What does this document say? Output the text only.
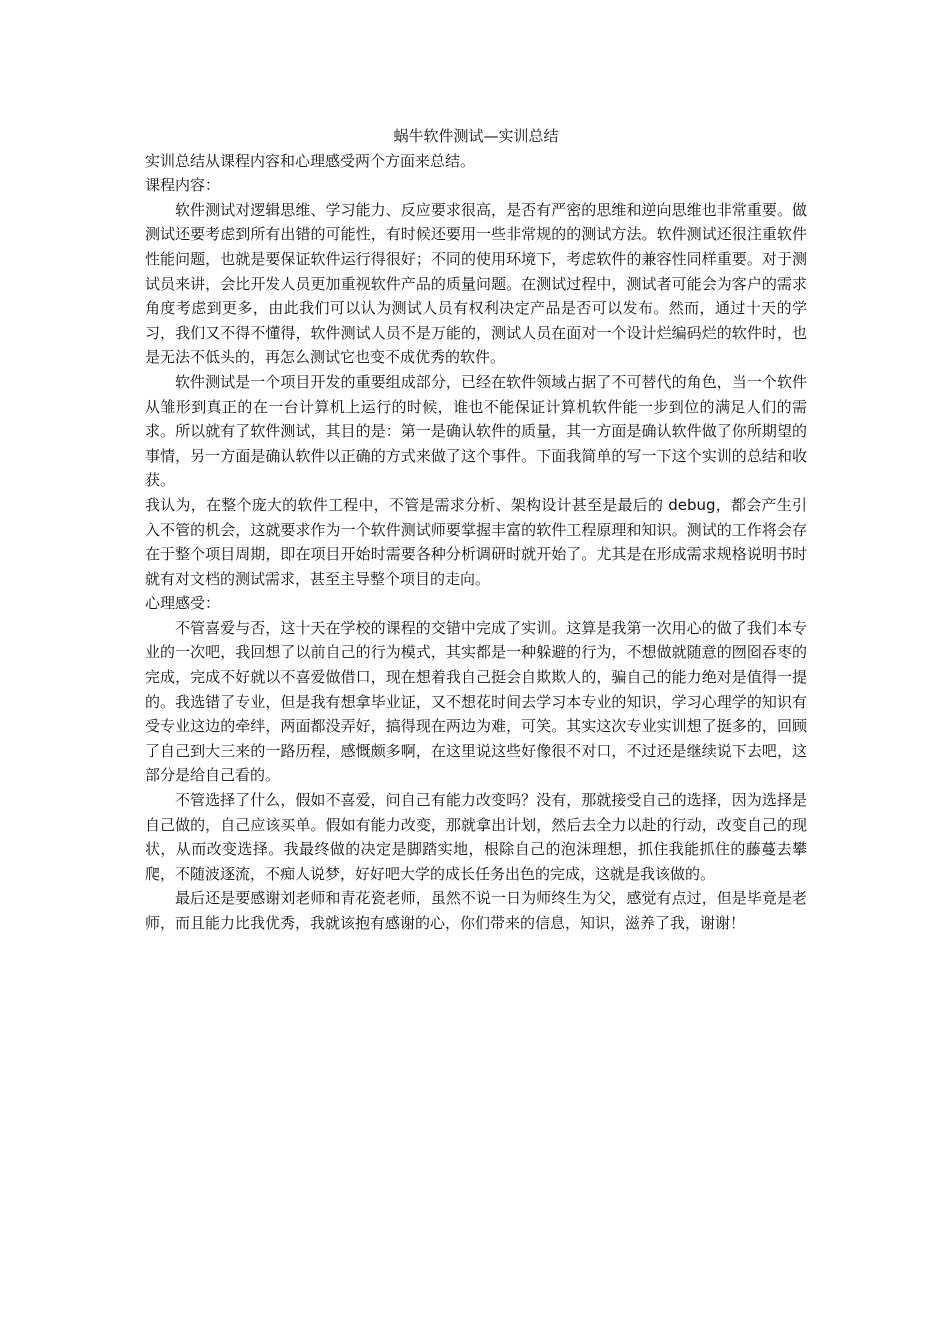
蜗牛软件测试—实训总结

实训总结从课程内容和心理感受两个方面来总结。

课程内容：

软件测试对逻辑思维、学习能力、反应要求很高，是否有严密的思维和逆向思维也非常重要。做测试还要考虑到所有出错的可能性，有时候还要用一些非常规的的测试方法。软件测试还很注重软件性能问题，也就是要保证软件运行得很好；不同的使用环境下，考虑软件的兼容性同样重要。对于测试员来讲，会比开发人员更加重视软件产品的质量问题。在测试过程中，测试者可能会为客户的需求角度考虑到更多，由此我们可以认为测试人员有权利决定产品是否可以发布。然而，通过十天的学习，我们又不得不懂得，软件测试人员不是万能的，测试人员在面对一个设计烂编码烂的软件时，也是无法不低头的，再怎么测试它也变不成优秀的软件。

软件测试是一个项目开发的重要组成部分，已经在软件领域占据了不可替代的角色，当一个软件从雏形到真正的在一台计算机上运行的时候，谁也不能保证计算机软件能一步到位的满足人们的需求。所以就有了软件测试，其目的是：第一是确认软件的质量，其一方面是确认软件做了你所期望的事情，另一方面是确认软件以正确的方式来做了这个事件。下面我简单的写一下这个实训的总结和收获。

我认为，在整个庞大的软件工程中，不管是需求分析、架构设计甚至是最后的 debug，都会产生引入不管的机会，这就要求作为一个软件测试师要掌握丰富的软件工程原理和知识。测试的工作将会存在于整个项目周期，即在项目开始时需要各种分析调研时就开始了。尤其是在形成需求规格说明书时就有对文档的测试需求，甚至主导整个项目的走向。

心理感受：

不管喜爱与否，这十天在学校的课程的交错中完成了实训。这算是我第一次用心的做了我们本专业的一次吧，我回想了以前自己的行为模式，其实都是一种躲避的行为，不想做就随意的囫囵吞枣的完成，完成不好就以不喜爱做借口，现在想着我自己挺会自欺欺人的，骗自己的能力绝对是值得一提的。我选错了专业，但是我有想拿毕业证，又不想花时间去学习本专业的知识，学习心理学的知识有受专业这边的牵绊，两面都没弄好，搞得现在两边为难，可笑。其实这次专业实训想了挺多的，回顾了自己到大三来的一路历程，感慨颇多啊，在这里说这些好像很不对口，不过还是继续说下去吧，这部分是给自己看的。

不管选择了什么，假如不喜爱，问自己有能力改变吗？没有，那就接受自己的选择，因为选择是自己做的，自己应该买单。假如有能力改变，那就拿出计划，然后去全力以赴的行动，改变自己的现状，从而改变选择。我最终做的决定是脚踏实地，根除自己的泡沫理想，抓住我能抓住的藤蔓去攀爬，不随波逐流，不痴人说梦，好好吧大学的成长任务出色的完成，这就是我该做的。

最后还是要感谢刘老师和青花瓷老师，虽然不说一日为师终生为父，感觉有点过，但是毕竟是老师，而且能力比我优秀，我就该抱有感谢的心，你们带来的信息，知识，滋养了我，谢谢！
